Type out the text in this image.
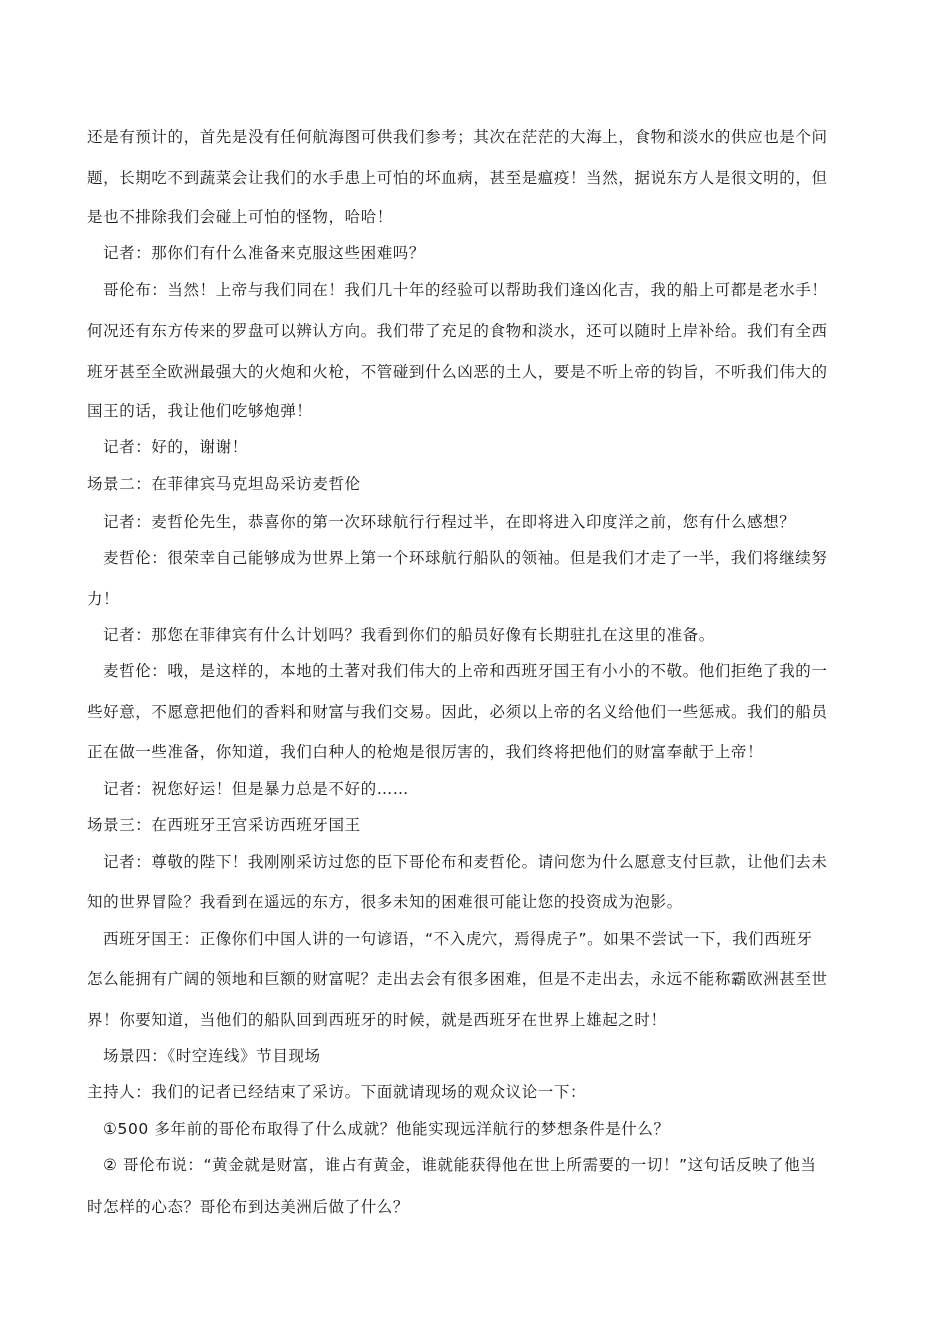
还是有预计的，首先是没有任何航海图可供我们参考；其次在茫茫的大海上，食物和淡水的供应也是个问
题，长期吃不到蔬菜会让我们的水手患上可怕的坏血病，甚至是瘟疫！当然，据说东方人是很文明的，但
是也不排除我们会碰上可怕的怪物，哈哈！
记者：那你们有什么准备来克服这些困难吗？
哥伦布：当然！上帝与我们同在！我们几十年的经验可以帮助我们逢凶化吉，我的船上可都是老水手！
何况还有东方传来的罗盘可以辨认方向。我们带了充足的食物和淡水，还可以随时上岸补给。我们有全西
班牙甚至全欧洲最强大的火炮和火枪，不管碰到什么凶恶的土人，要是不听上帝的钧旨，不听我们伟大的
国王的话，我让他们吃够炮弹！
记者：好的，谢谢！
场景二：在菲律宾马克坦岛采访麦哲伦
记者：麦哲伦先生，恭喜你的第一次环球航行行程过半，在即将进入印度洋之前，您有什么感想？
麦哲伦：很荣幸自己能够成为世界上第一个环球航行船队的领袖。但是我们才走了一半，我们将继续努
力！
记者：那您在菲律宾有什么计划吗？我看到你们的船员好像有长期驻扎在这里的准备。
麦哲伦：哦，是这样的，本地的土著对我们伟大的上帝和西班牙国王有小小的不敬。他们拒绝了我的一
些好意，不愿意把他们的香料和财富与我们交易。因此，必须以上帝的名义给他们一些惩戒。我们的船员
正在做一些准备，你知道，我们白种人的枪炮是很厉害的，我们终将把他们的财富奉献于上帝！
记者：祝您好运！但是暴力总是不好的……
场景三：在西班牙王宫采访西班牙国王
记者：尊敬的陛下！我刚刚采访过您的臣下哥伦布和麦哲伦。请问您为什么愿意支付巨款，让他们去未
知的世界冒险？我看到在遥远的东方，很多未知的困难很可能让您的投资成为泡影。
西班牙国王：正像你们中国人讲的一句谚语，“不入虎穴，焉得虎子”。如果不尝试一下，我们西班牙
怎么能拥有广阔的领地和巨额的财富呢？走出去会有很多困难，但是不走出去，永远不能称霸欧洲甚至世
界！你要知道，当他们的船队回到西班牙的时候，就是西班牙在世界上雄起之时！
场景四：《时空连线》节目现场
主持人：我们的记者已经结束了采访。下面就请现场的观众议论一下：
①500 多年前的哥伦布取得了什么成就？他能实现远洋航行的梦想条件是什么？
② 哥伦布说：“黄金就是财富，谁占有黄金，谁就能获得他在世上所需要的一切！”这句话反映了他当
时怎样的心态？哥伦布到达美洲后做了什么？
